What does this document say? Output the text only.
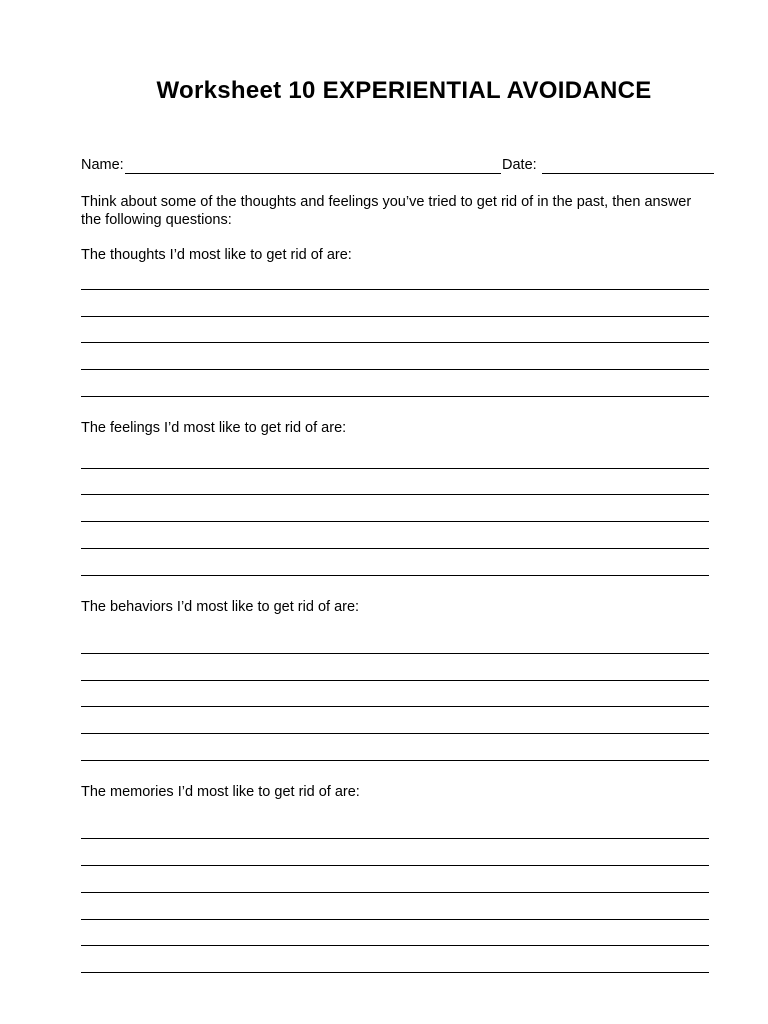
Worksheet 10 EXPERIENTIAL AVOIDANCE
Name:	Date:
Think about some of the thoughts and feelings you’ve tried to get rid of in the past, then answer the following questions:
The thoughts I’d most like to get rid of are:
The feelings I’d most like to get rid of are:
The behaviors I’d most like to get rid of are:
The memories I’d most like to get rid of are:
